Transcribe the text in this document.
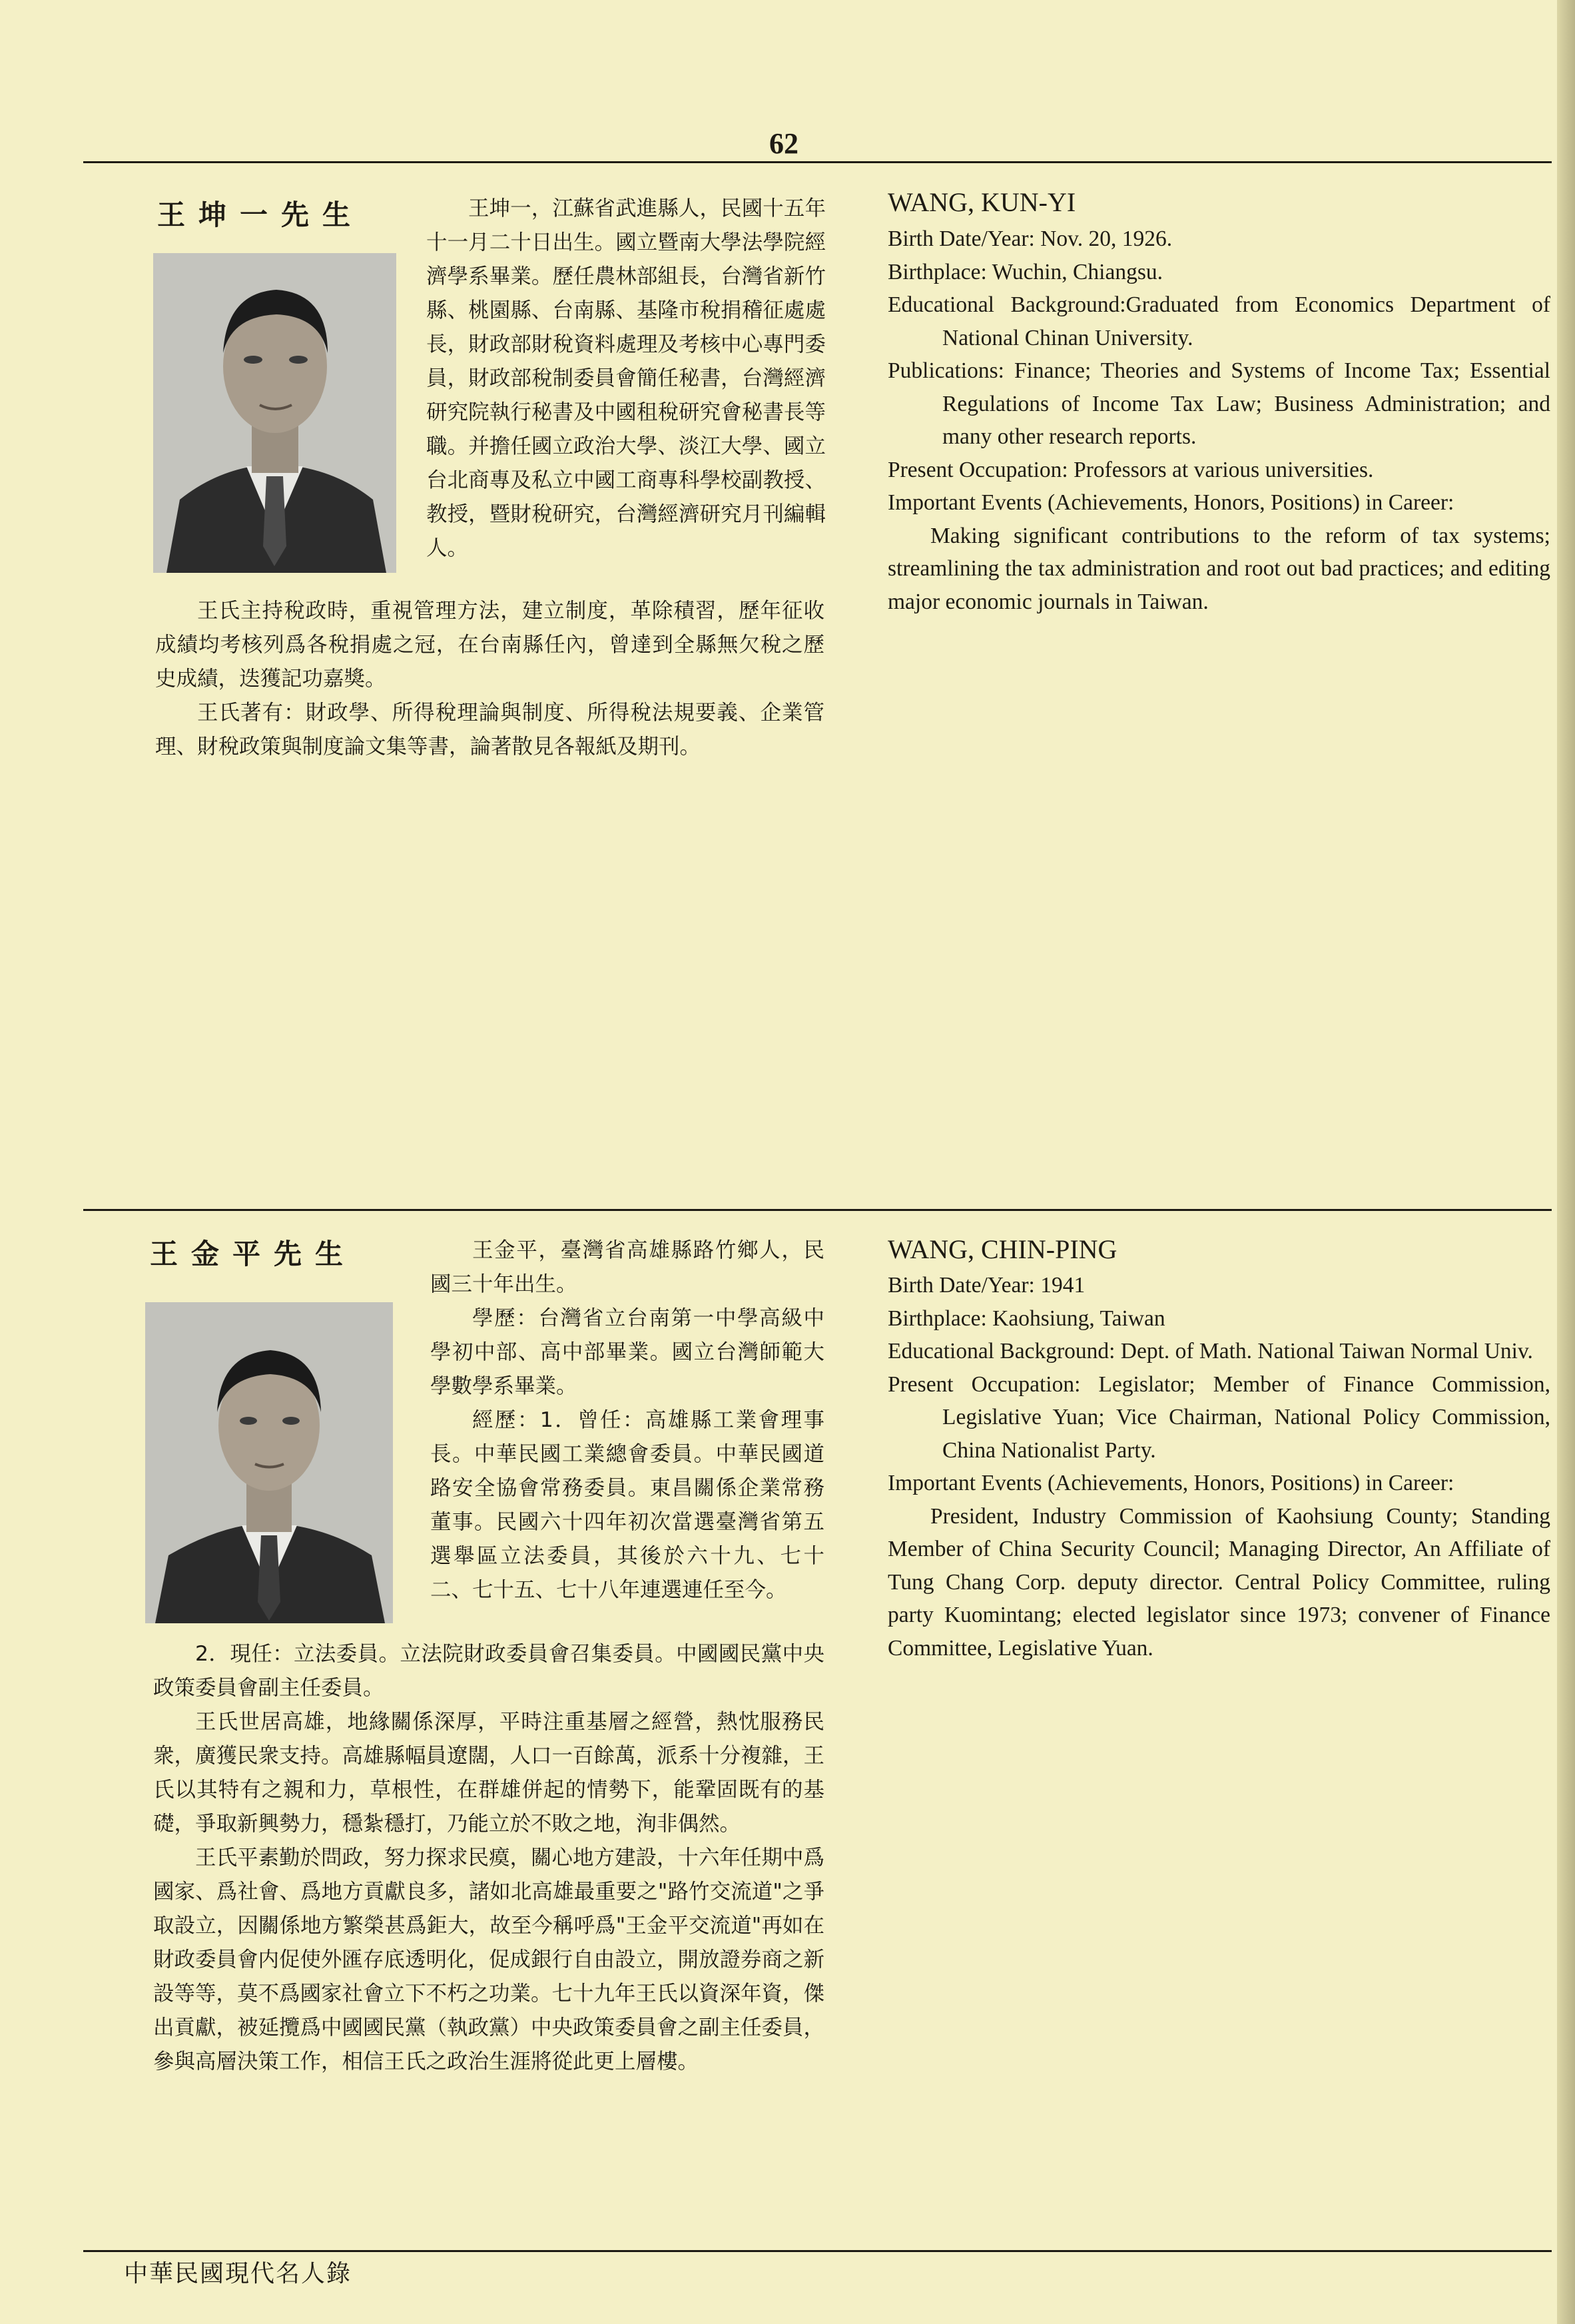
62
王坤一先生	王坤一，江蘇省武進縣人，民國十五年十一月二十日出生。國立暨南大學法學院經濟學系畢業。歷任農林部組長，台灣省新竹縣、桃園縣、台南縣、基隆市稅捐稽征處處長，財政部財稅資料處理及考核中心專門委員，財政部稅制委員會簡任秘書，台灣經濟研究院執行秘書及中國租稅研究會秘書長等職。并擔任國立政治大學、淡江大學、國立台北商專及私立中國工商專科學校副教授、教授，暨財稅研究，台灣經濟研究月刊編輯人。

王氏主持稅政時，重視管理方法，建立制度，革除積習，歷年征收成績均考核列爲各稅捐處之冠，在台南縣任內，曾達到全縣無欠稅之歷史成績，迭獲記功嘉獎。

王氏著有：財政學、所得稅理論與制度、所得稅法規要義、企業管理、財稅政策與制度論文集等書，論著散見各報紙及期刊。

WANG, KUN-YI

Birth Date/Year: Nov. 20, 1926.

Birthplace: Wuchin, Chiangsu.

Educational Background:Graduated from Economics Department of National Chinan University.

Publications: Finance; Theories and Systems of Income Tax; Essential Regulations of Income Tax Law; Business Administration; and many other research reports.

Present Occupation: Professors at various universities.

Important Events (Achievements, Honors, Positions) in Career:

Making significant contributions to the reform of tax systems; streamlining the tax administration and root out bad practices; and editing major economic journals in Taiwan.

王金平先生	王金平，臺灣省高雄縣路竹鄉人，民國三十年出生。

學歷：台灣省立台南第一中學高級中學初中部、高中部畢業。國立台灣師範大學數學系畢業。

經歷：1．曾任：高雄縣工業會理事長。中華民國工業總會委員。中華民國道路安全協會常務委員。東昌關係企業常務董事。民國六十四年初次當選臺灣省第五選舉區立法委員，其後於六十九、七十二、七十五、七十八年連選連任至今。

2．現任：立法委員。立法院財政委員會召集委員。中國國民黨中央政策委員會副主任委員。

王氏世居高雄，地緣關係深厚，平時注重基層之經營，熱忱服務民衆，廣獲民衆支持。高雄縣幅員遼闊，人口一百餘萬，派系十分複雜，王氏以其特有之親和力，草根性，在群雄併起的情勢下，能鞏固既有的基礎，爭取新興勢力，穩紮穩打，乃能立於不敗之地，洵非偶然。

王氏平素勤於問政，努力探求民瘼，關心地方建設，十六年任期中爲國家、爲社會、爲地方貢獻良多，諸如北高雄最重要之"路竹交流道"之爭取設立，因關係地方繁榮甚爲鉅大，故至今稱呼爲"王金平交流道"再如在財政委員會内促使外匯存底透明化，促成銀行自由設立，開放證券商之新設等等，莫不爲國家社會立下不朽之功業。七十九年王氏以資深年資，傑出貢獻，被延攬爲中國國民黨（執政黨）中央政策委員會之副主任委員，參與高層決策工作，相信王氏之政治生涯將從此更上層樓。

WANG, CHIN-PING

Birth Date/Year: 1941

Birthplace: Kaohsiung, Taiwan

Educational Background: Dept. of Math. National Taiwan Normal Univ.

Present Occupation: Legislator; Member of Finance Commission, Legislative Yuan; Vice Chairman, National Policy Commission, China Nationalist Party.

Important Events (Achievements, Honors, Positions) in Career:

President, Industry Commission of Kaohsiung County; Standing Member of China Security Council; Managing Director, An Affiliate of Tung Chang Corp. deputy director. Central Policy Committee, ruling party Kuomintang; elected legislator since 1973; convener of Finance Committee, Legislative Yuan.

中華民國現代名人錄
